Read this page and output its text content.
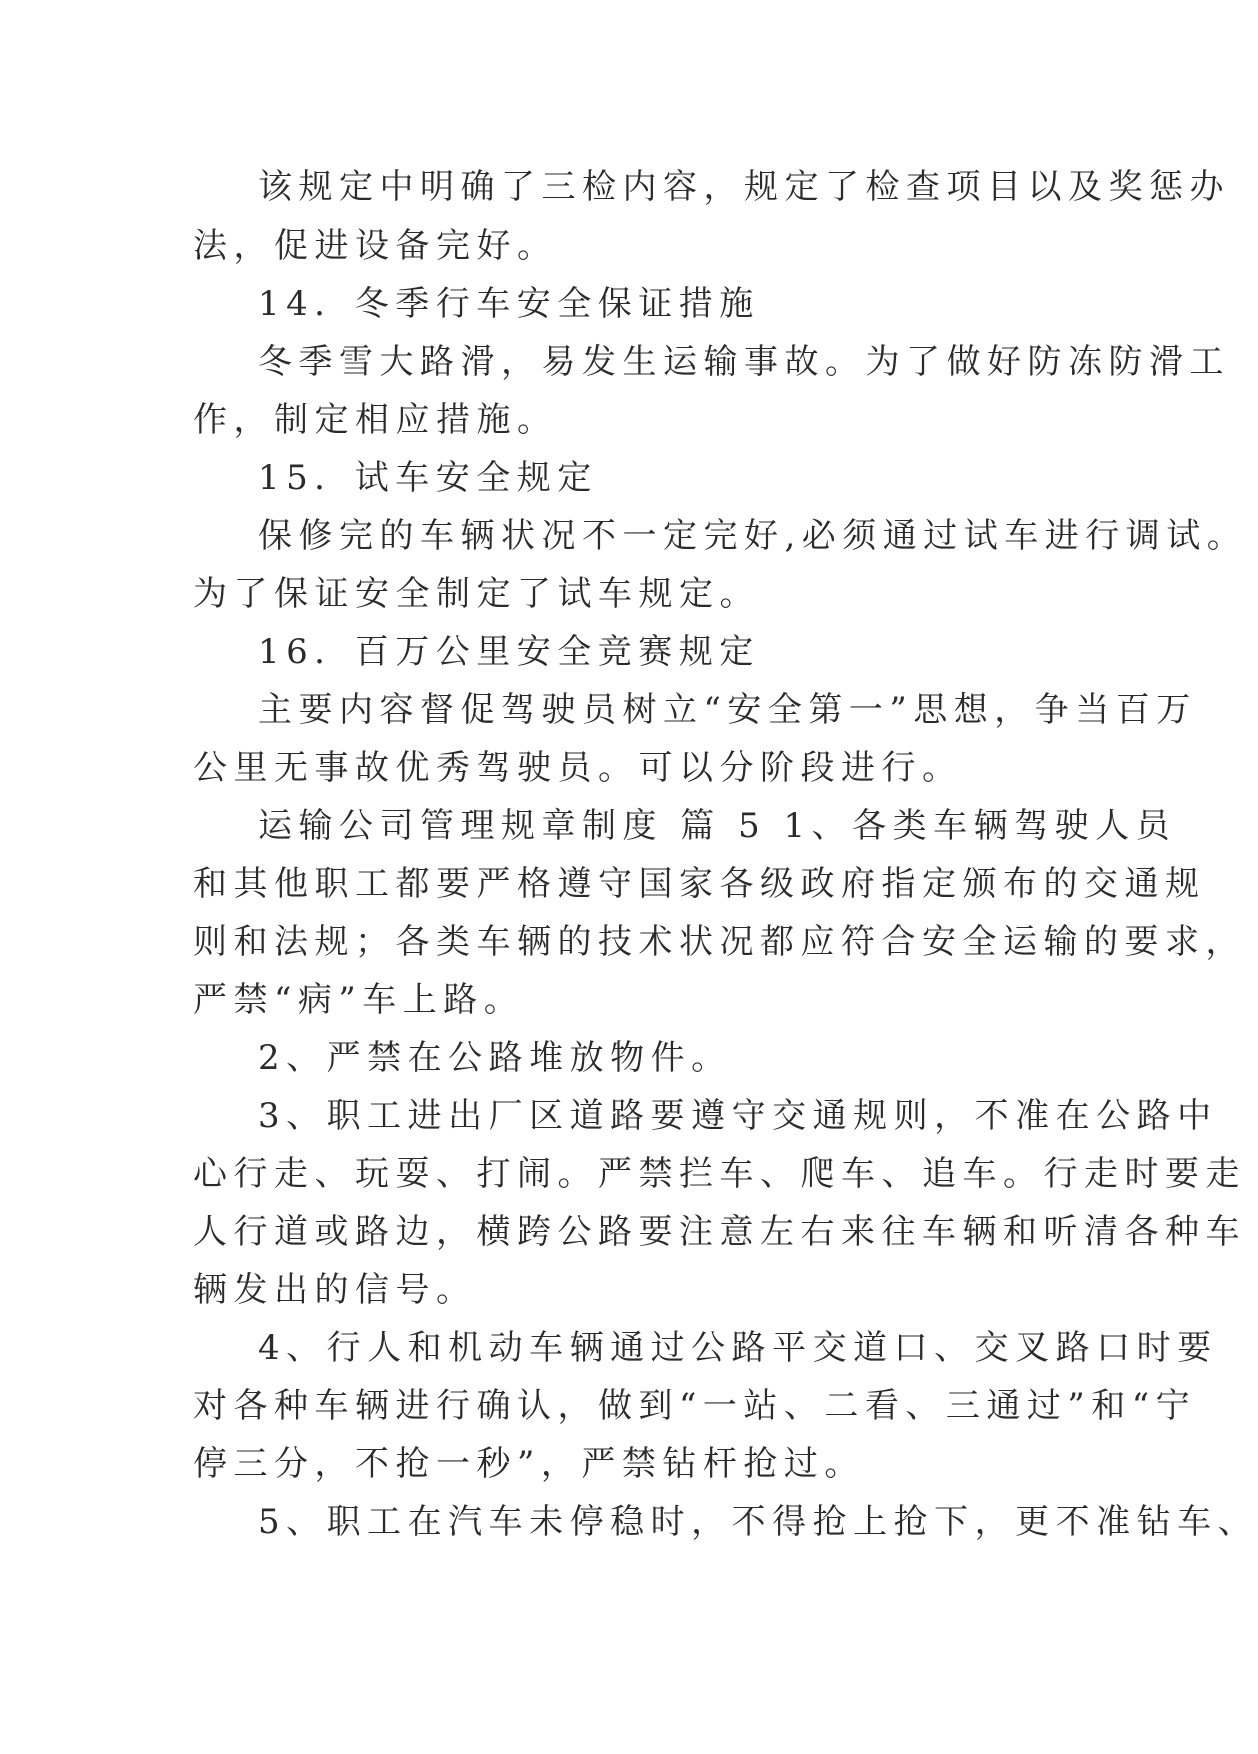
该规定中明确了三检内容，规定了检查项目以及奖惩办
法，促进设备完好。
14．冬季行车安全保证措施
冬季雪大路滑，易发生运输事故。为了做好防冻防滑工
作，制定相应措施。
15．试车安全规定
保修完的车辆状况不一定完好,必须通过试车进行调试。
为了保证安全制定了试车规定。
16．百万公里安全竞赛规定
主要内容督促驾驶员树立“安全第一”思想，争当百万
公里无事故优秀驾驶员。可以分阶段进行。
运输公司管理规章制度 篇 5 1、各类车辆驾驶人员
和其他职工都要严格遵守国家各级政府指定颁布的交通规
则和法规；各类车辆的技术状况都应符合安全运输的要求，
严禁“病”车上路。
2、严禁在公路堆放物件。
3、职工进出厂区道路要遵守交通规则，不准在公路中
心行走、玩耍、打闹。严禁拦车、爬车、追车。行走时要走
人行道或路边，横跨公路要注意左右来往车辆和听清各种车
辆发出的信号。
4、行人和机动车辆通过公路平交道口、交叉路口时要
对各种车辆进行确认，做到“一站、二看、三通过”和“宁
停三分，不抢一秒”，严禁钻杆抢过。
5、职工在汽车未停稳时，不得抢上抢下，更不准钻车、
